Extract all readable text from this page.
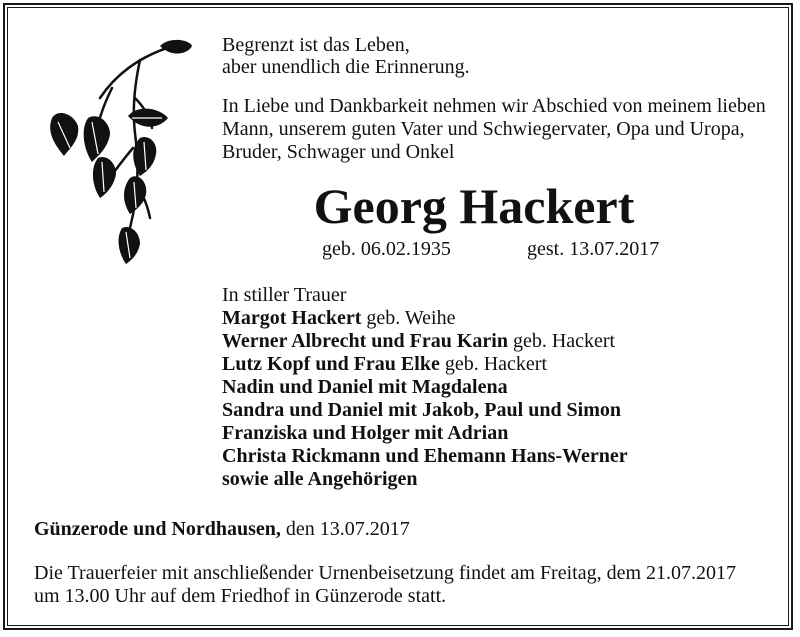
Begrenzt ist das Leben,
aber unendlich die Erinnerung.
In Liebe und Dankbarkeit nehmen wir Abschied von meinem lieben
Mann, unserem guten Vater und Schwiegervater, Opa und Uropa,
Bruder, Schwager und Onkel
Georg Hackert
geb. 06.02.1935	gest. 13.07.2017
In stiller Trauer
Margot Hackert geb. Weihe
Werner Albrecht und Frau Karin geb. Hackert
Lutz Kopf und Frau Elke geb. Hackert
Nadin und Daniel mit Magdalena
Sandra und Daniel mit Jakob, Paul und Simon
Franziska und Holger mit Adrian
Christa Rickmann und Ehemann Hans-Werner
sowie alle Angehörigen
Günzerode und Nordhausen, den 13.07.2017
Die Trauerfeier mit anschließender Urnenbeisetzung findet am Freitag, dem 21.07.2017
um 13.00 Uhr auf dem Friedhof in Günzerode statt.
